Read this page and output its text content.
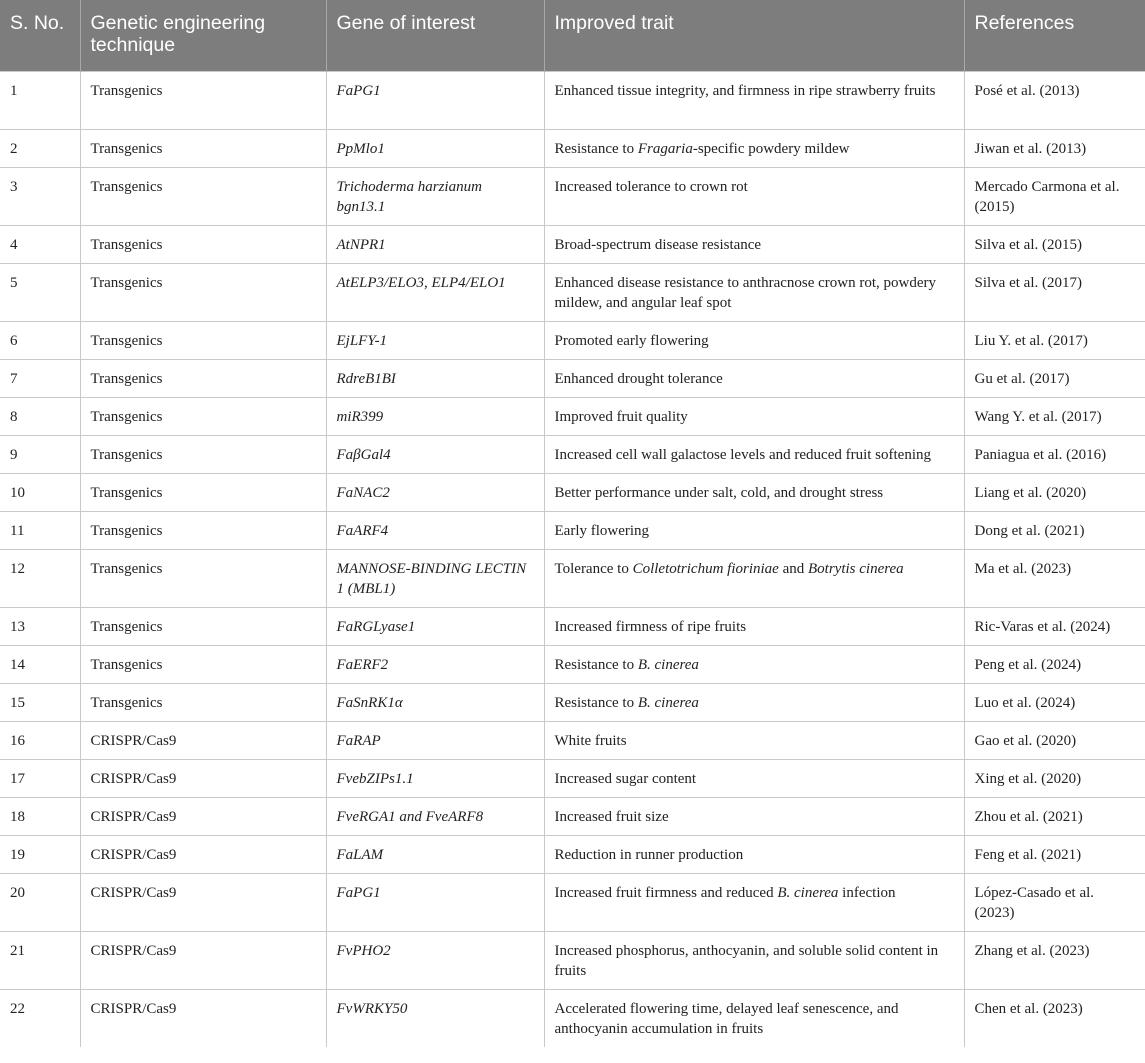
S. No.	Genetic engineering technique	Gene of interest	Improved trait	References
1	Transgenics	FaPG1	Enhanced tissue integrity, and firmness in ripe strawberry fruits	Posé et al. (2013)
2	Transgenics	PpMlo1	Resistance to Fragaria-specific powdery mildew	Jiwan et al. (2013)
3	Transgenics	Trichoderma harzianum bgn13.1	Increased tolerance to crown rot	Mercado Carmona et al. (2015)
4	Transgenics	AtNPR1	Broad-spectrum disease resistance	Silva et al. (2015)
5	Transgenics	AtELP3/ELO3, ELP4/ELO1	Enhanced disease resistance to anthracnose crown rot, powdery mildew, and angular leaf spot	Silva et al. (2017)
6	Transgenics	EjLFY-1	Promoted early flowering	Liu Y. et al. (2017)
7	Transgenics	RdreB1BI	Enhanced drought tolerance	Gu et al. (2017)
8	Transgenics	miR399	Improved fruit quality	Wang Y. et al. (2017)
9	Transgenics	FaβGal4	Increased cell wall galactose levels and reduced fruit softening	Paniagua et al. (2016)
10	Transgenics	FaNAC2	Better performance under salt, cold, and drought stress	Liang et al. (2020)
11	Transgenics	FaARF4	Early flowering	Dong et al. (2021)
12	Transgenics	MANNOSE-BINDING LECTIN 1 (MBL1)	Tolerance to Colletotrichum fioriniae and Botrytis cinerea	Ma et al. (2023)
13	Transgenics	FaRGLyase1	Increased firmness of ripe fruits	Ric-Varas et al. (2024)
14	Transgenics	FaERF2	Resistance to B. cinerea	Peng et al. (2024)
15	Transgenics	FaSnRK1α	Resistance to B. cinerea	Luo et al. (2024)
16	CRISPR/Cas9	FaRAP	White fruits	Gao et al. (2020)
17	CRISPR/Cas9	FvebZIPs1.1	Increased sugar content	Xing et al. (2020)
18	CRISPR/Cas9	FveRGA1 and FveARF8	Increased fruit size	Zhou et al. (2021)
19	CRISPR/Cas9	FaLAM	Reduction in runner production	Feng et al. (2021)
20	CRISPR/Cas9	FaPG1	Increased fruit firmness and reduced B. cinerea infection	López-Casado et al. (2023)
21	CRISPR/Cas9	FvPHO2	Increased phosphorus, anthocyanin, and soluble solid content in fruits	Zhang et al. (2023)
22	CRISPR/Cas9	FvWRKY50	Accelerated flowering time, delayed leaf senescence, and anthocyanin accumulation in fruits	Chen et al. (2023)
